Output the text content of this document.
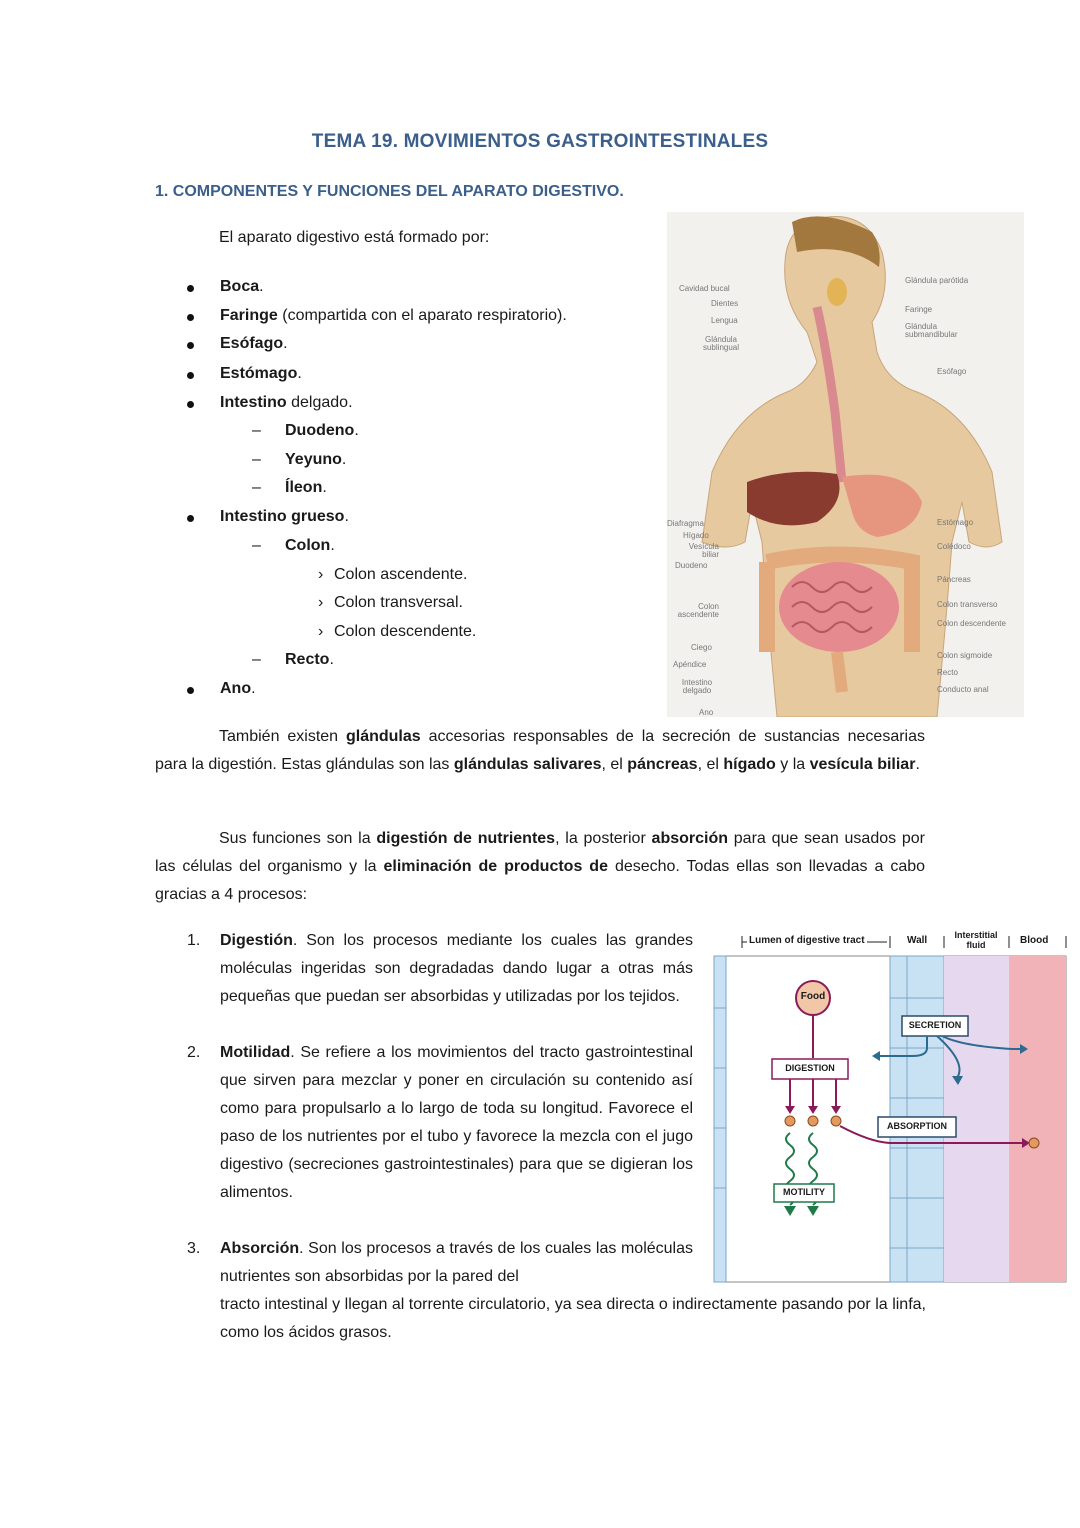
TEMA 19. MOVIMIENTOS GASTROINTESTINALES
1. COMPONENTES Y FUNCIONES DEL APARATO DIGESTIVO.
El aparato digestivo está formado por:
Boca.
Faringe (compartida con el aparato respiratorio).
Esófago.
Estómago.
Intestino delgado.
– Duodeno.
– Yeyuno.
– Íleon.
Intestino grueso.
– Colon.
› Colon ascendente.
› Colon transversal.
› Colon descendente.
– Recto.
Ano.
Cavidad bucal
Dientes
Lengua
Glándula sublingual
Diafragma
Hígado
Vesícula biliar
Duodeno
Colon ascendente
Ciego
Apéndice
Intestino delgado
Ano
Glándula parótida
Faringe
Glándula submandibular
Esófago
Estómago
Colédoco
Páncreas
Colon transverso
Colon descendente
Colon sigmoide
Recto
Conducto anal
También existen glándulas accesorias responsables de la secreción de sustancias necesarias para la digestión. Estas glándulas son las glándulas salivares, el páncreas, el hígado y la vesícula biliar.
Sus funciones son la digestión de nutrientes, la posterior absorción para que sean usados por las células del organismo y la eliminación de productos de desecho. Todas ellas son llevadas a cabo gracias a 4 procesos:
1. Digestión. Son los procesos mediante los cuales las grandes moléculas ingeridas son degradadas dando lugar a otras más pequeñas que puedan ser absorbidas y utilizadas por los tejidos.
2. Motilidad. Se refiere a los movimientos del tracto gastrointestinal que sirven para mezclar y poner en circulación su contenido así como para propulsarlo a lo largo de toda su longitud. Favorece el paso de los nutrientes por el tubo y favorece la mezcla con el jugo digestivo (secreciones gastrointestinales) para que se digieran los alimentos.
3. Absorción. Son los procesos a través de los cuales las moléculas nutrientes son absorbidas por la pared del
tracto intestinal y llegan al torrente circulatorio, ya sea directa o indirectamente pasando por la linfa, como los ácidos grasos.
Lumen of digestive tract	Wall	Interstitial fluid	Blood
Food
SECRETION
DIGESTION
ABSORPTION
MOTILITY
